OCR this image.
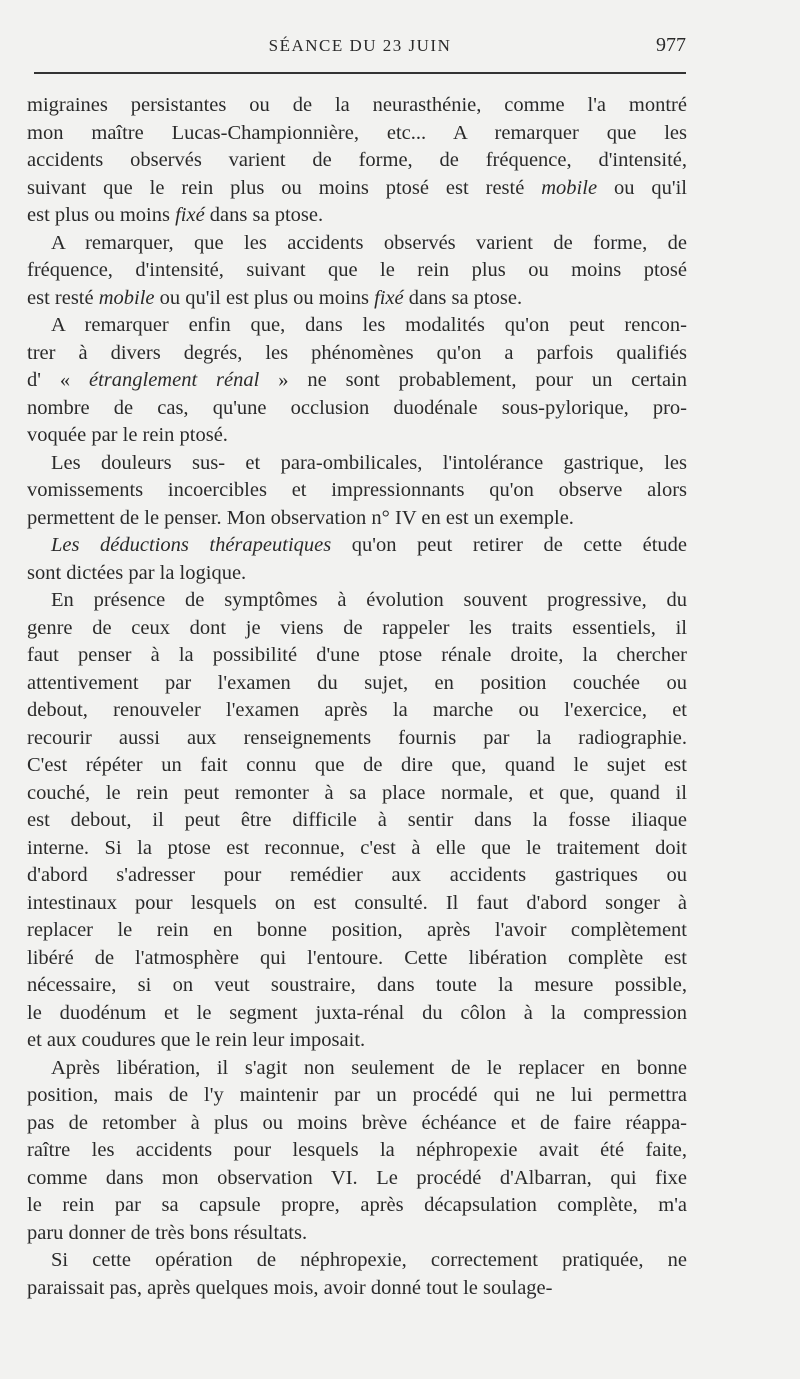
SÉANCE DU 23 JUIN	977
migraines persistantes ou de la neurasthénie, comme l'a montré
mon maître Lucas-Championnière, etc... A remarquer que les
accidents observés varient de forme, de fréquence, d'intensité,
suivant que le rein plus ou moins ptosé est resté mobile ou qu'il
est plus ou moins fixé dans sa ptose.
A remarquer, que les accidents observés varient de forme, de
fréquence, d'intensité, suivant que le rein plus ou moins ptosé
est resté mobile ou qu'il est plus ou moins fixé dans sa ptose.
A remarquer enfin que, dans les modalités qu'on peut rencon-
trer à divers degrés, les phénomènes qu'on a parfois qualifiés
d' « étranglement rénal » ne sont probablement, pour un certain
nombre de cas, qu'une occlusion duodénale sous-pylorique, pro-
voquée par le rein ptosé.
Les douleurs sus- et para-ombilicales, l'intolérance gastrique, les
vomissements incoercibles et impressionnants qu'on observe alors
permettent de le penser. Mon observation n° IV en est un exemple.
Les déductions thérapeutiques qu'on peut retirer de cette étude
sont dictées par la logique.
En présence de symptômes à évolution souvent progressive, du
genre de ceux dont je viens de rappeler les traits essentiels, il
faut penser à la possibilité d'une ptose rénale droite, la chercher
attentivement par l'examen du sujet, en position couchée ou
debout, renouveler l'examen après la marche ou l'exercice, et
recourir aussi aux renseignements fournis par la radiographie.
C'est répéter un fait connu que de dire que, quand le sujet est
couché, le rein peut remonter à sa place normale, et que, quand il
est debout, il peut être difficile à sentir dans la fosse iliaque
interne. Si la ptose est reconnue, c'est à elle que le traitement doit
d'abord s'adresser pour remédier aux accidents gastriques ou
intestinaux pour lesquels on est consulté. Il faut d'abord songer à
replacer le rein en bonne position, après l'avoir complètement
libéré de l'atmosphère qui l'entoure. Cette libération complète est
nécessaire, si on veut soustraire, dans toute la mesure possible,
le duodénum et le segment juxta-rénal du côlon à la compression
et aux coudures que le rein leur imposait.
Après libération, il s'agit non seulement de le replacer en bonne
position, mais de l'y maintenir par un procédé qui ne lui permettra
pas de retomber à plus ou moins brève échéance et de faire réappa-
raître les accidents pour lesquels la néphropexie avait été faite,
comme dans mon observation VI. Le procédé d'Albarran, qui fixe
le rein par sa capsule propre, après décapsulation complète, m'a
paru donner de très bons résultats.
Si cette opération de néphropexie, correctement pratiquée, ne
paraissait pas, après quelques mois, avoir donné tout le soulage-
